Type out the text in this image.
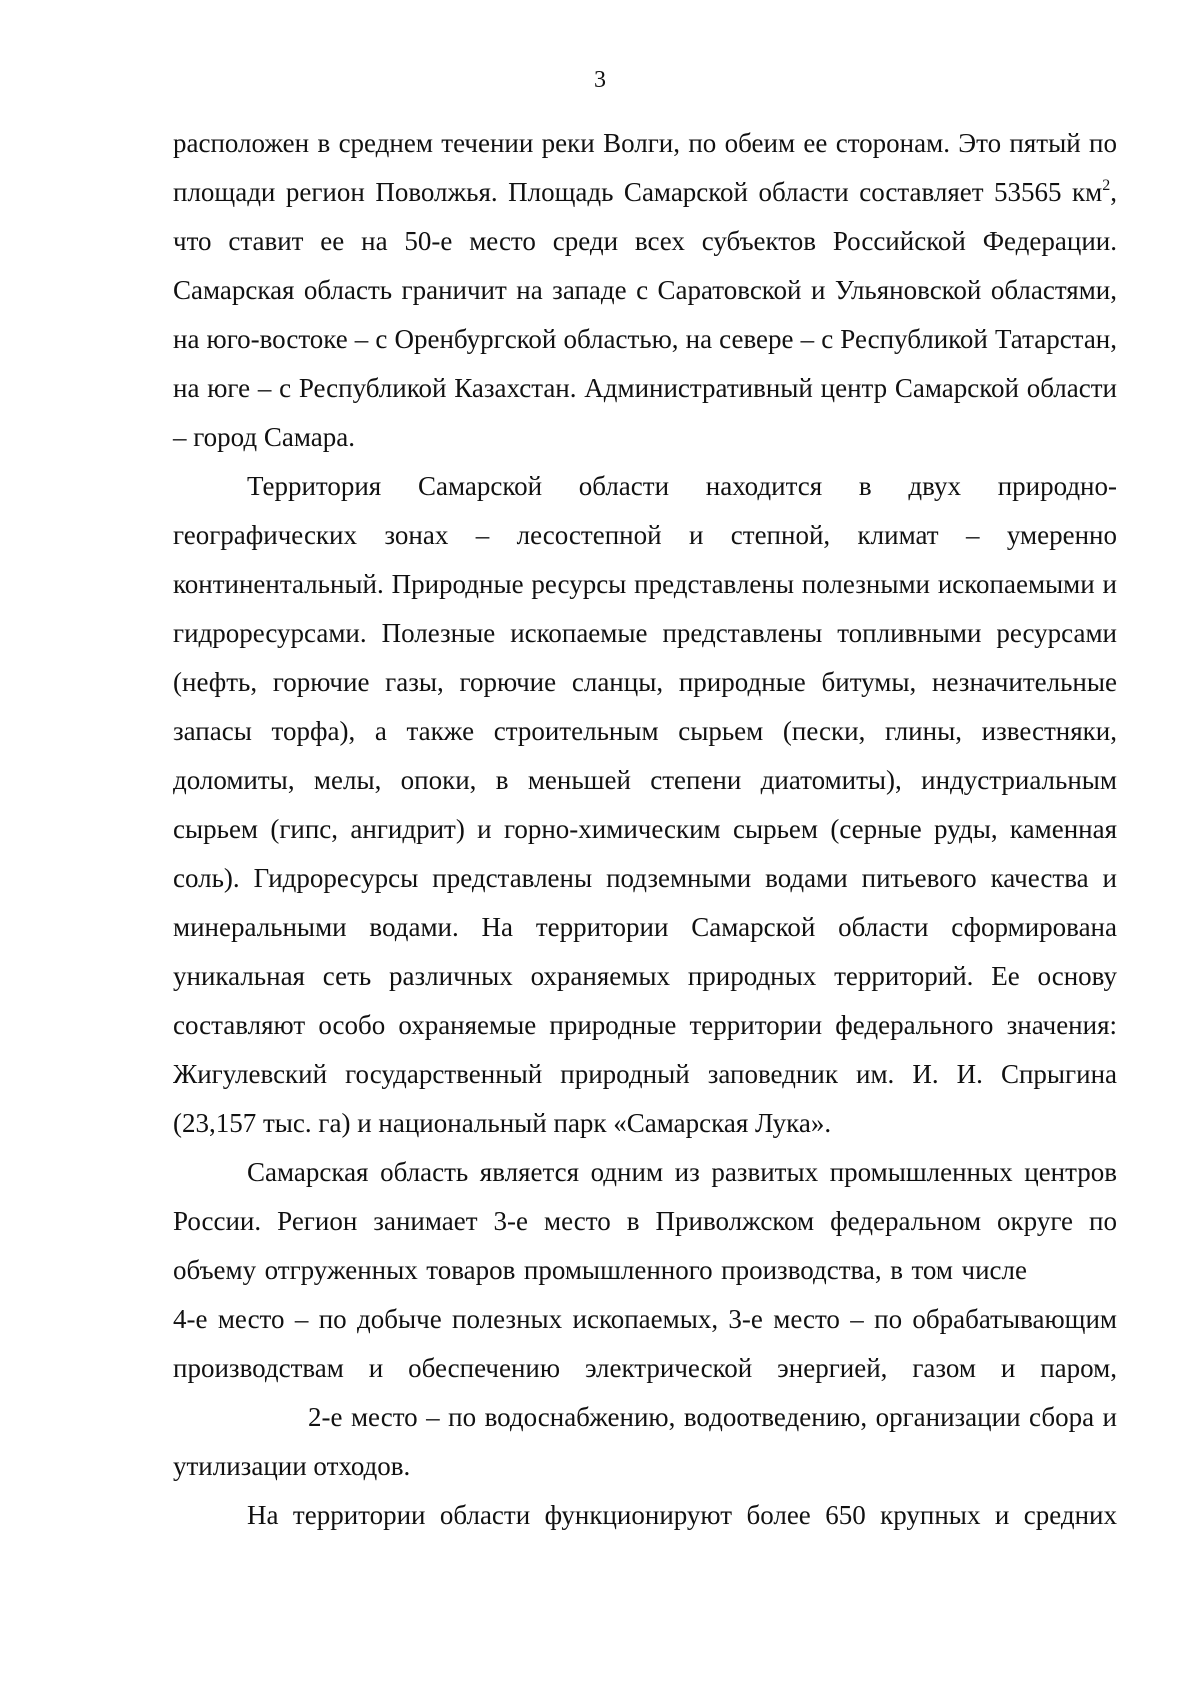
3

расположен в среднем течении реки Волги, по обеим ее сторонам. Это пятый по площади регион Поволжья. Площадь Самарской области составляет 53565 $км^2$, что ставит ее на 50-е место среди всех субъектов Российской Федерации. Самарская область граничит на западе с Саратовской и Ульяновской областями, на юго-востоке – с Оренбургской областью, на севере – с Республикой Татарстан, на юге – с Республикой Казахстан. Административный центр Самарской области – город Самара.

Территория Самарской области находится в двух природно-географических зонах – лесостепной и степной, климат – умеренно континентальный. Природные ресурсы представлены полезными ископаемыми и гидроресурсами. Полезные ископаемые представлены топливными ресурсами (нефть, горючие газы, горючие сланцы, природные битумы, незначительные запасы торфа), а также строительным сырьем (пески, глины, известняки, доломиты, мелы, опоки, в меньшей степени диатомиты), индустриальным сырьем (гипс, ангидрит) и горно-химическим сырьем (серные руды, каменная соль). Гидроресурсы представлены подземными водами питьевого качества и минеральными водами. На территории Самарской области сформирована уникальная сеть различных охраняемых природных территорий. Ее основу составляют особо охраняемые природные территории федерального значения: Жигулевский государственный природный заповедник им. И. И. Спрыгина (23,157 тыс. га) и национальный парк «Самарская Лука».

Самарская область является одним из развитых промышленных центров России. Регион занимает 3-е место в Приволжском федеральном округе по объему отгруженных товаров промышленного производства, в том числе4-е место – по добыче полезных ископаемых, 3-е место – по обрабатывающим производствам и обеспечению электрической энергией, газом и паром,2-е место – по водоснабжению, водоотведению, организации сбора и утилизации отходов.

На территории области функционируют более 650 крупных и средних
